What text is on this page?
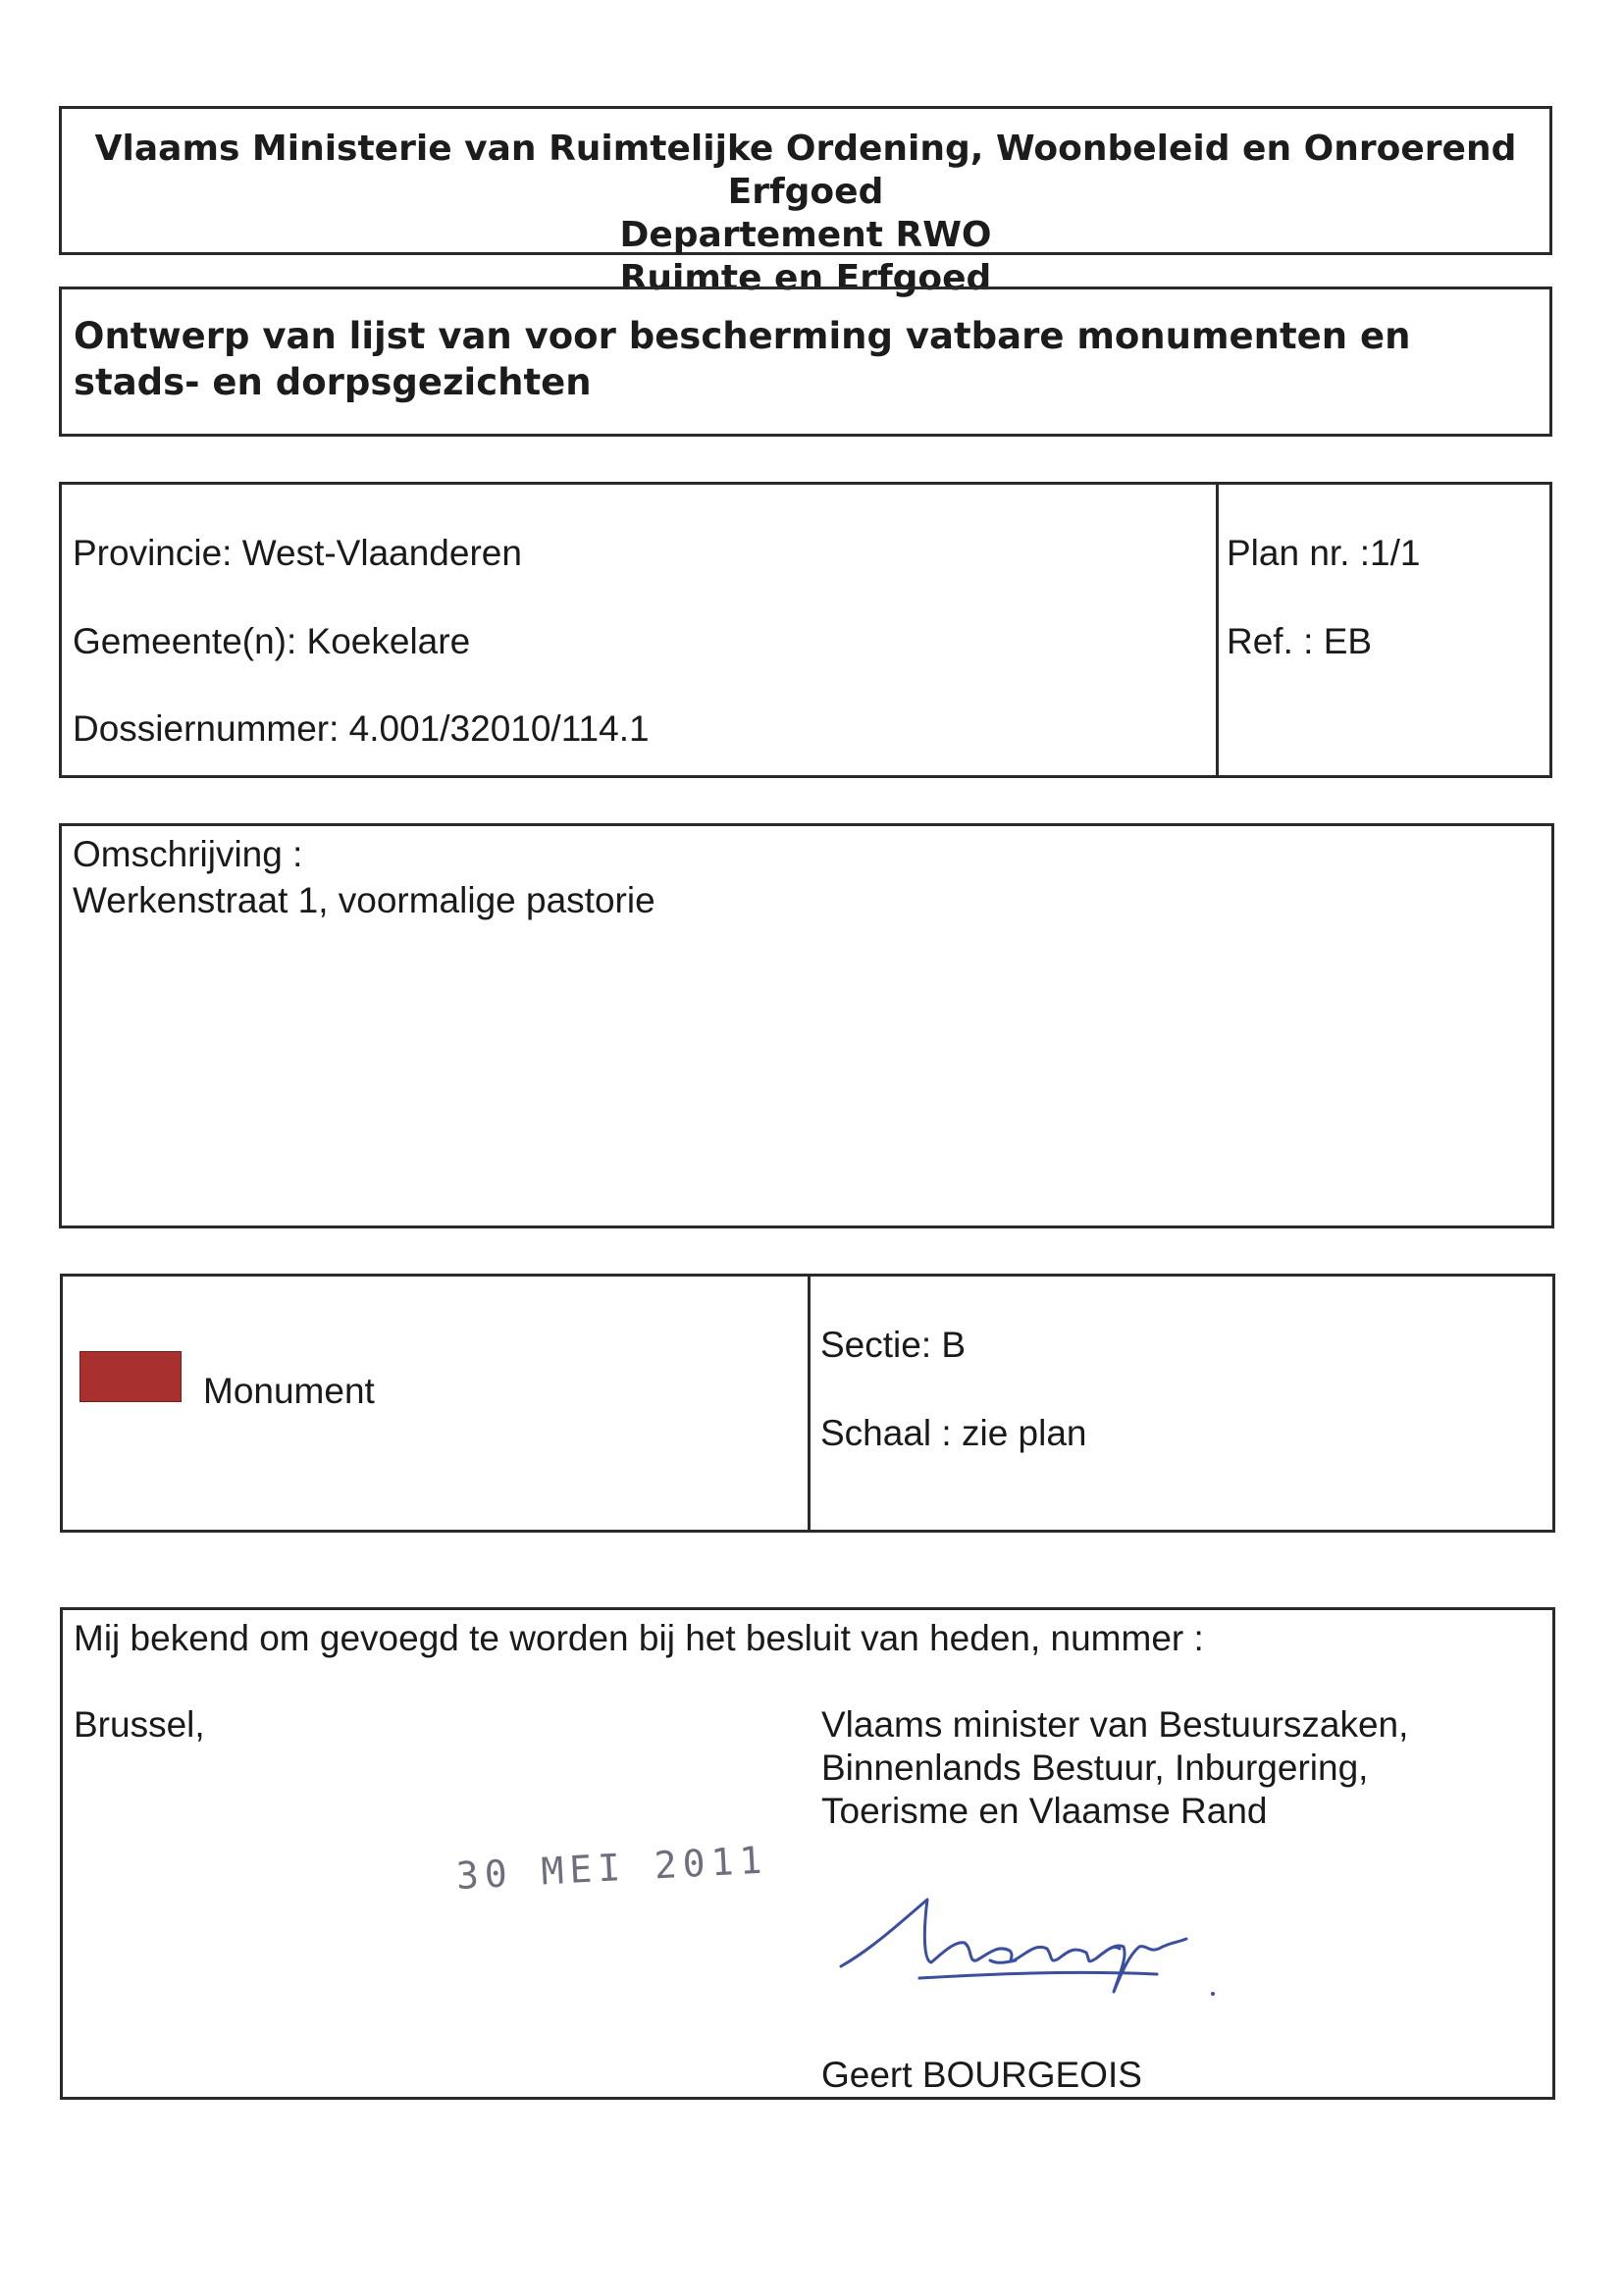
Vlaams Ministerie van Ruimtelijke Ordening, Woonbeleid en Onroerend Erfgoed
Departement RWO
Ruimte en Erfgoed
Ontwerp van lijst van voor bescherming vatbare monumenten en stads- en dorpsgezichten
Provincie: West-Vlaanderen
Gemeente(n): Koekelare
Dossiernummer: 4.001/32010/114.1
Plan nr. :1/1
Ref. : EB
Omschrijving :
Werkenstraat 1, voormalige pastorie
Monument
Sectie: B
Schaal : zie plan
Mij bekend om gevoegd te worden bij het besluit van heden, nummer :
Brussel,	Vlaams minister van Bestuurszaken,
Binnenlands Bestuur, Inburgering,
Toerisme en Vlaamse Rand
30 MEI 2011
Geert BOURGEOIS
